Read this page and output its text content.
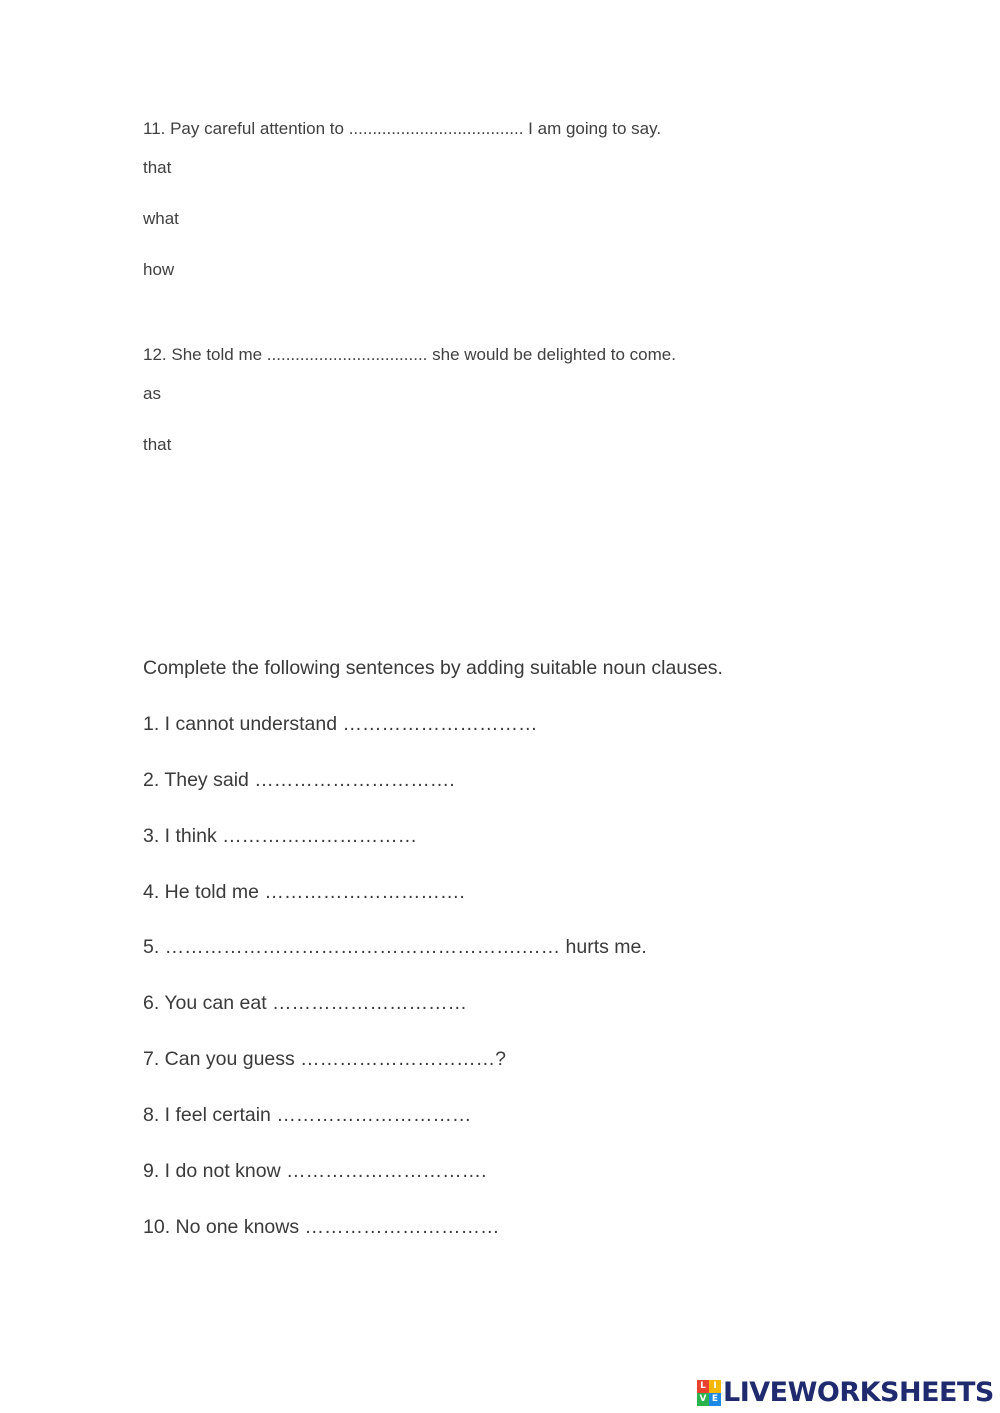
11. Pay careful attention to ..................................... I am going to say.
that
what
how
12. She told me .................................. she would be delighted to come.
as
that
Complete the following sentences by adding suitable noun clauses.
1. I cannot understand …………………………
2. They said ………………………….
3. I think …………………………
4. He told me ………………………….
5. ……………………………………………….…… hurts me.
6. You can eat …………………………
7. Can you guess …………………………?
8. I feel certain …………………………
9. I do not know ………………………….
10. No one knows …………………………
L I
V E LIVEWORKSHEETS
